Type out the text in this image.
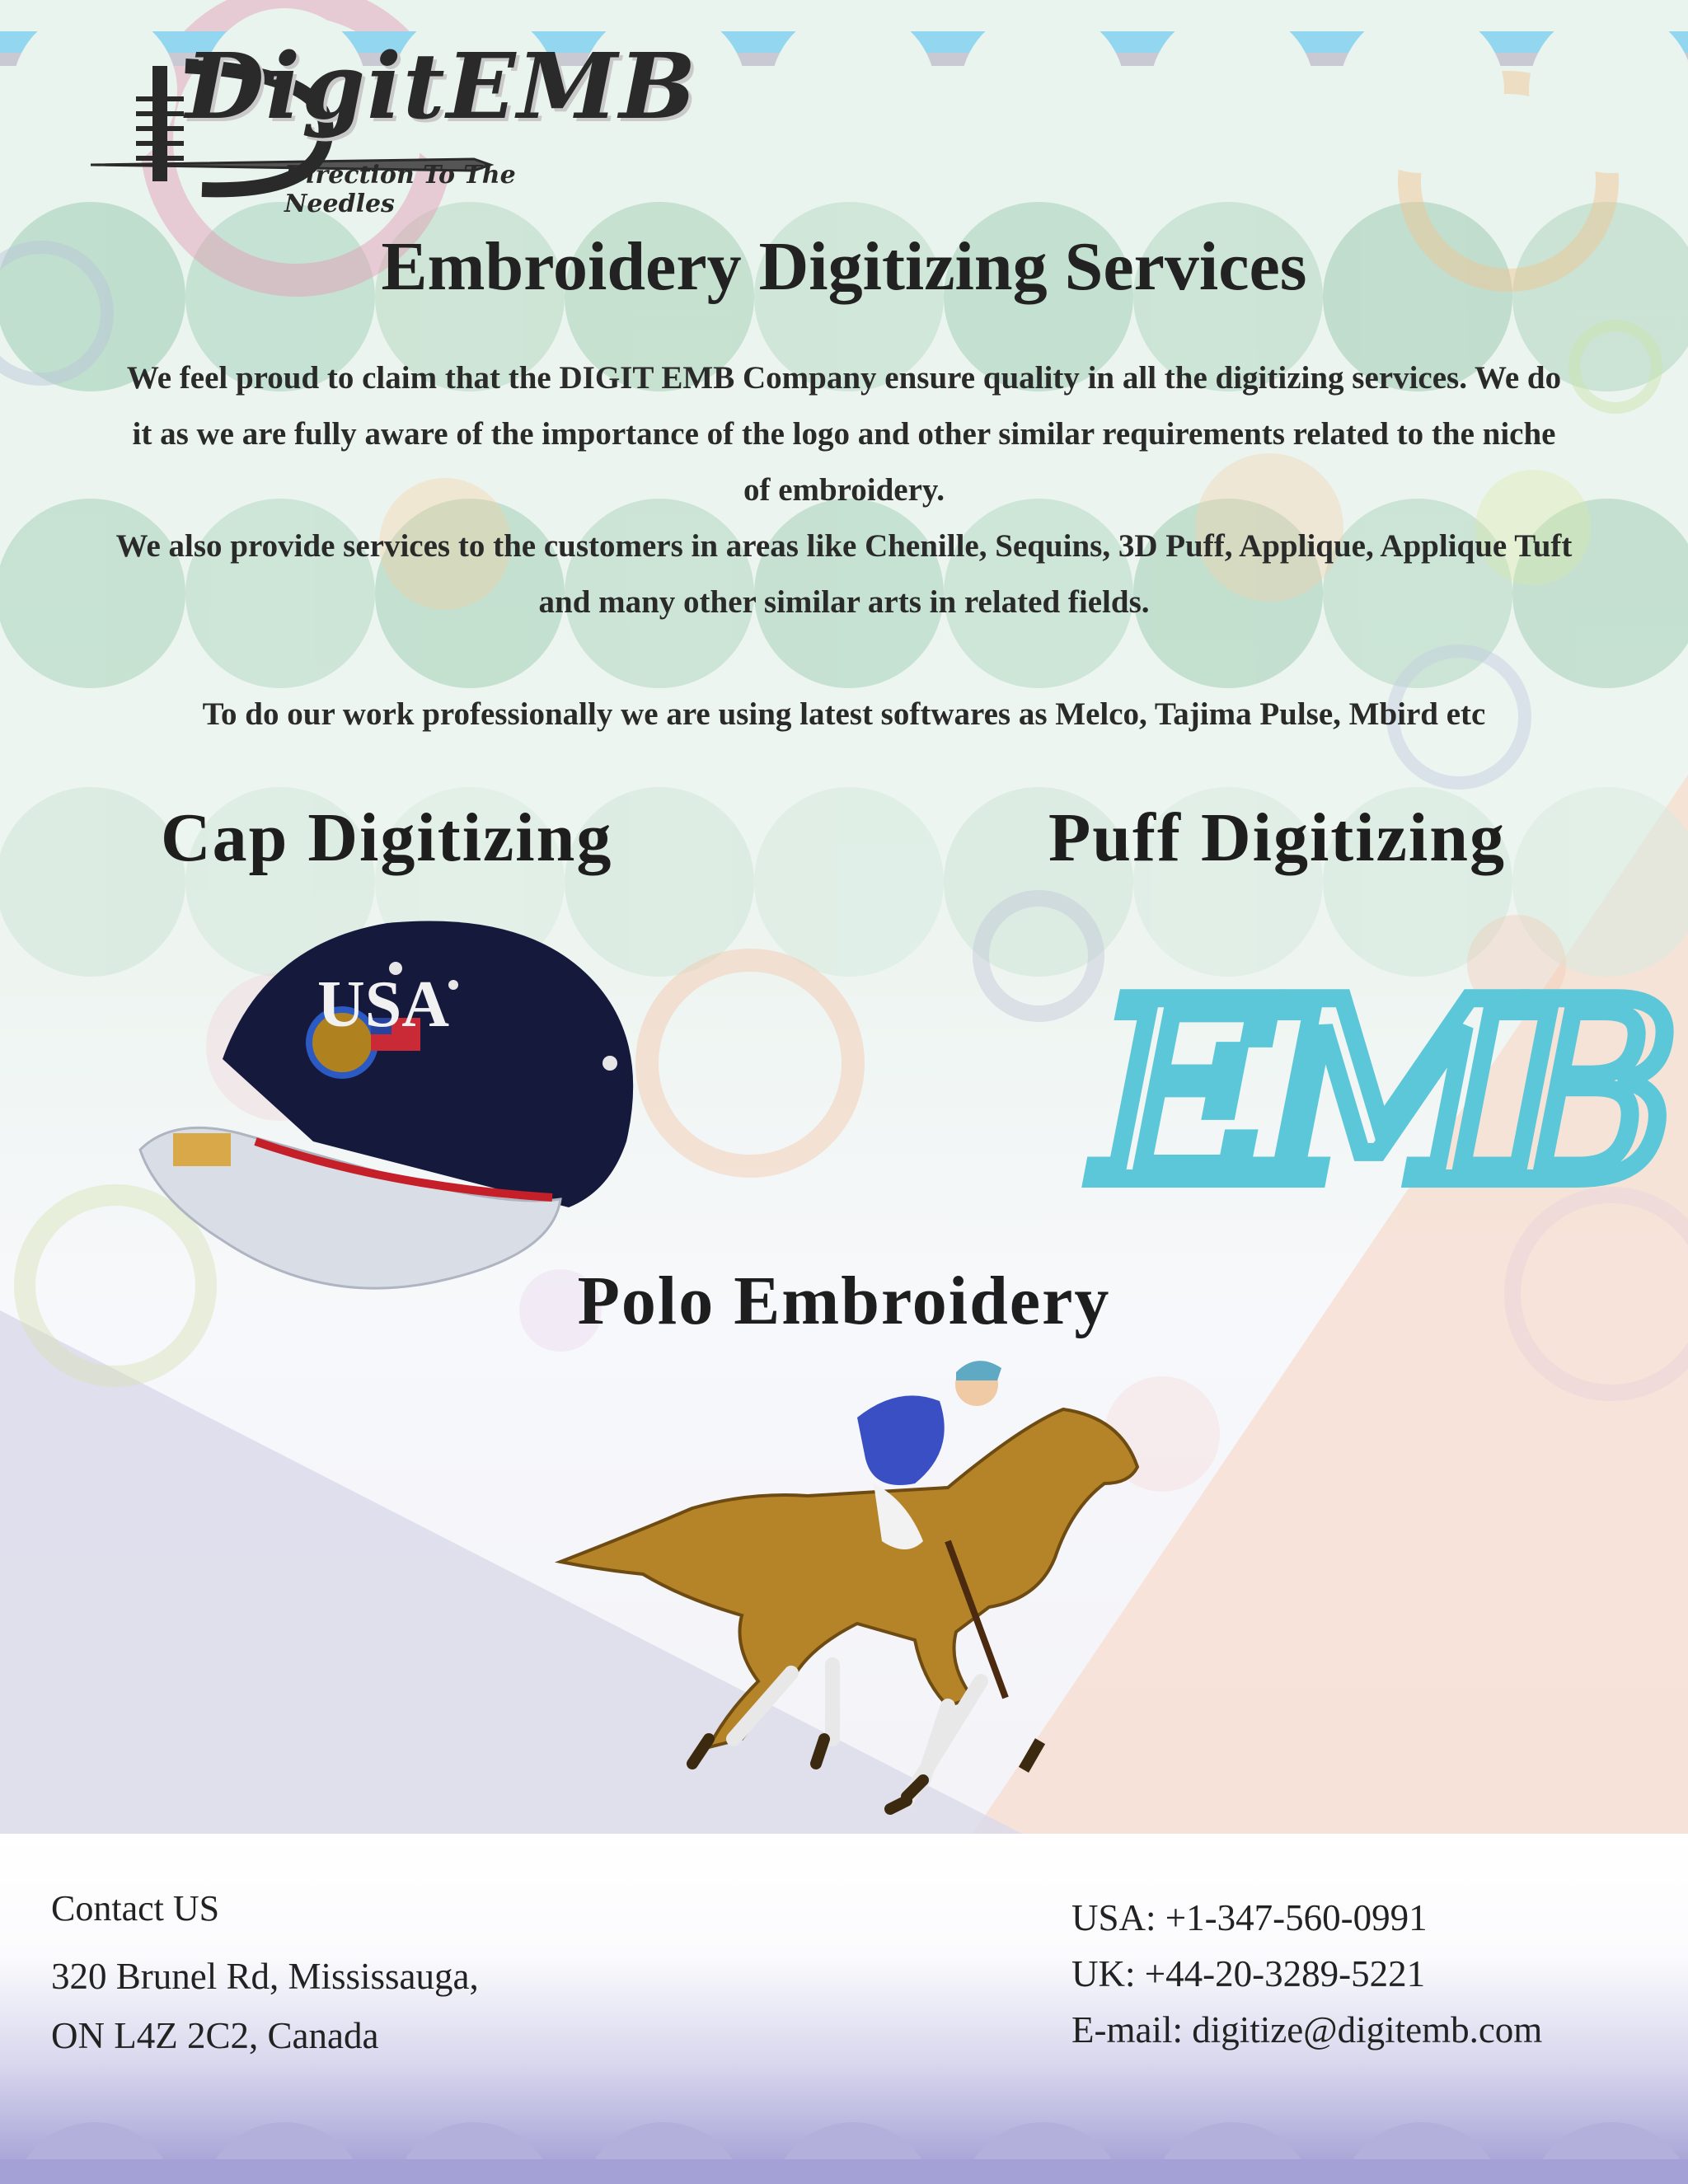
DigitEMB
Direction To The Needles
Embroidery Digitizing Services

We feel proud to claim that the DIGIT EMB Company ensure quality in all the digitizing services. We do it as we are fully aware of the importance of the logo and other similar requirements related to the niche of embroidery.

We also provide services to the customers in areas like Chenille, Sequins, 3D Puff, Applique, Applique Tuft and many other similar arts in related fields.

To do our work professionally we are using latest softwares as Melco, Tajima Pulse, Mbird etc

Cap Digitizing	Puff Digitizing
USA	EMB
Polo Embroidery
Contact US
320 Brunel Rd, Mississauga,
ON L4Z 2C2, Canada
USA: +1-347-560-0991
UK: +44-20-3289-5221
E-mail: digitize@digitemb.com
